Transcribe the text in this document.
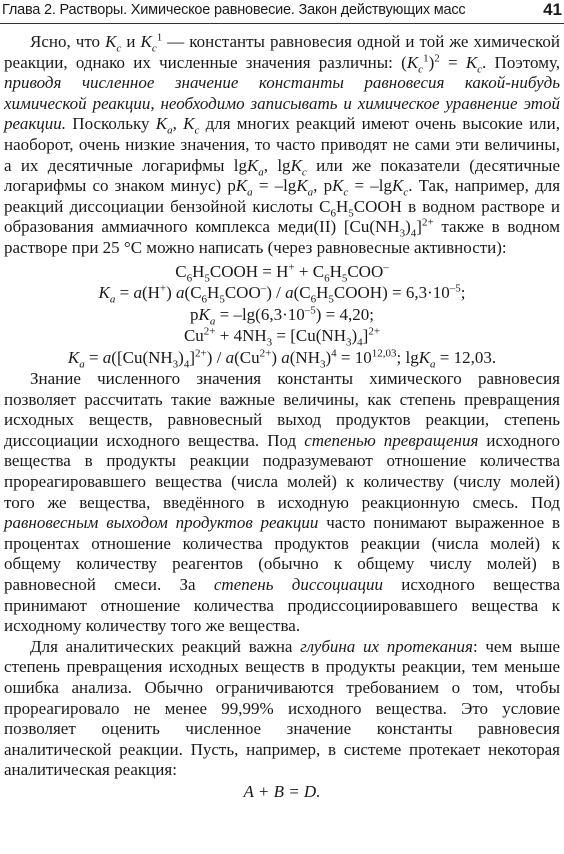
Глава 2. Растворы. Химическое равновесие. Закон действующих масс	41

Ясно, что $K_c$ и $K_c^1$ — константы равновесия одной и той же химической реакции, однако их численные значения различны: $(K_c^1)^2 = K_c$. Поэтому, приводя численное значение константы равновесия какой-нибудь химической реакции, необходимо записывать и химическое уравнение этой реакции. Поскольку $K_a$, $K_c$ для многих реакций имеют очень высокие или, наоборот, очень низкие значения, то часто приводят не сами эти величины, а их десятичные логарифмы lgK$_a$, lgK$_c$ или же показатели (десятичные логарифмы со знаком минус) $pK_a = -\lg K_a$, $pK_c = -\lg K_c$. Так, например, для реакций диссоциации бензойной кислоты $C_6H_5COOH$ в водном растворе и образования аммиачного комплекса меди(II) $[Cu(NH_3)_4]^{2+}$ также в водном растворе при 25 °С можно написать (через равновесные активности):

$C_6H_5COOH = H^+ + C_6H_5COO^-$

$K_a = a(H^+)$ $a(C_6H_5COO^-)$ / $a(C_6H_5COOH) = 6,3\cdot 10^{-5}$;

$pK_a = -\lg(6,3\cdot 10^{-5}) = 4,20$;

$Cu^{2+} + 4NH_3 = [Cu(NH_3)_4]^{2+}$

$K_a = a([Cu(NH_3)_4]^{2+}) / a(Cu^{2+}) a(NH_3)^4 = 10^{12,03}$; lgK$_a$ = 12,03.

Знание численного значения константы химического равновесия позволяет рассчитать такие важные величины, как степень превращения исходных веществ, равновесный выход продуктов реакции, степень диссоциации исходного вещества. Под степенью превращения исходного вещества в продукты реакции подразумевают отношение количества прореагировавшего вещества (числа молей) к количеству (числу молей) того же вещества, введённого в исходную реакционную смесь. Под равновесным выходом продуктов реакции часто понимают выраженное в процентах отношение количества продуктов реакции (числа молей) к общему количеству реагентов (обычно к общему числу молей) в равновесной смеси. За степень диссоциации исходного вещества принимают отношение количества продиссоциировавшего вещества к исходному количеству того же вещества.

Для аналитических реакций важна глубина их протекания: чем выше степень превращения исходных веществ в продукты реакции, тем меньше ошибка анализа. Обычно ограничиваются требованием о том, чтобы прореагировало не менее 99,99% исходного вещества. Это условие позволяет оценить численное значение константы равновесия аналитической реакции. Пусть, например, в системе протекает некоторая аналитическая реакция:

A + B = D.
